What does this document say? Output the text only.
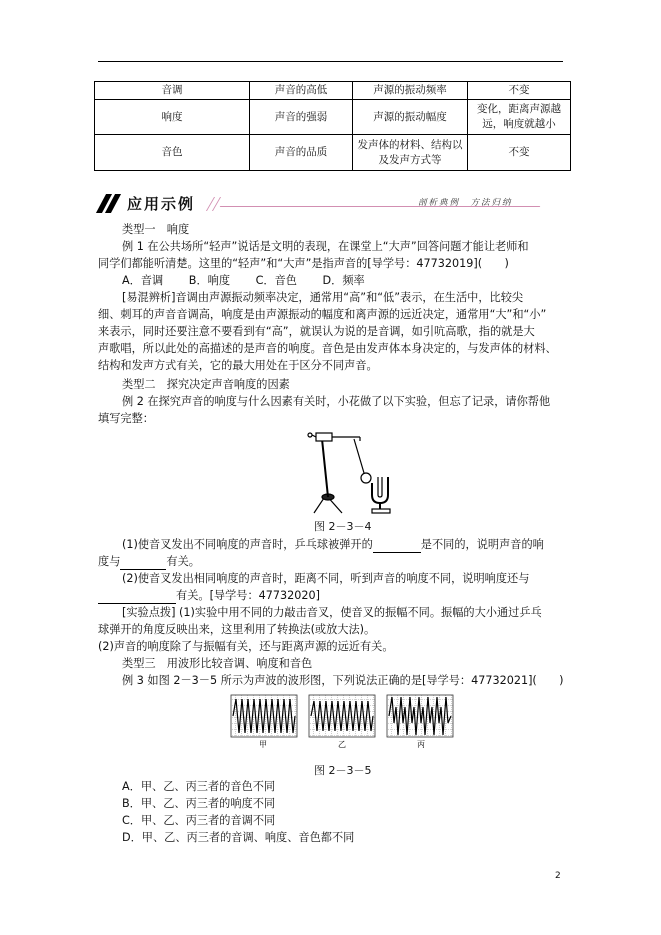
音调	声音的高低	声源的振动频率	不变
响度	声音的强弱	声源的振动幅度	变化，距离声源越远，响度就越小
音色	声音的品质	发声体的材料、结构以及发声方式等	不变
应用示例	剖析典例　方法归纳
类型一　响度
例 1 在公共场所“轻声”说话是文明的表现，在课堂上“大声”回答问题才能让老师和
同学们都能听清楚。这里的“轻声”和“大声”是指声音的[导学号：47732019](　　)
A．音调 B．响度 C．音色 D．频率
[易混辨析]音调由声源振动频率决定，通常用“高”和“低”表示，在生活中，比较尖
细、刺耳的声音音调高，响度是由声源振动的幅度和离声源的远近决定，通常用“大”和“小”
来表示，同时还要注意不要看到有“高”，就误认为说的是音调，如引吭高歌，指的就是大
声歌唱，所以此处的高描述的是声音的响度。音色是由发声体本身决定的，与发声体的材料、
结构和发声方式有关，它的最大用处在于区分不同声音。
类型二　探究决定声音响度的因素
例 2 在探究声音的响度与什么因素有关时，小花做了以下实验，但忘了记录，请你帮他
填写完整：
图 2－3－4
(1)使音叉发出不同响度的声音时，乒乓球被弹开的	是不同的，说明声音的响
度与	有关。
(2)使音叉发出相同响度的声音时，距离不同，听到声音的响度不同，说明响度还与
有关。[导学号：47732020]
[实验点拨] (1)实验中用不同的力敲击音叉，使音叉的振幅不同。振幅的大小通过乒乓
球弹开的角度反映出来，这里利用了转换法(或放大法)。
(2)声音的响度除了与振幅有关，还与距离声源的远近有关。
类型三　用波形比较音调、响度和音色
例 3 如图 2－3－5 所示为声波的波形图，下列说法正确的是[导学号：47732021](　　)
甲	乙	丙
图 2－3－5
A．甲、乙、丙三者的音色不同
B．甲、乙、丙三者的响度不同
C．甲、乙、丙三者的音调不同
D．甲、乙、丙三者的音调、响度、音色都不同
2
